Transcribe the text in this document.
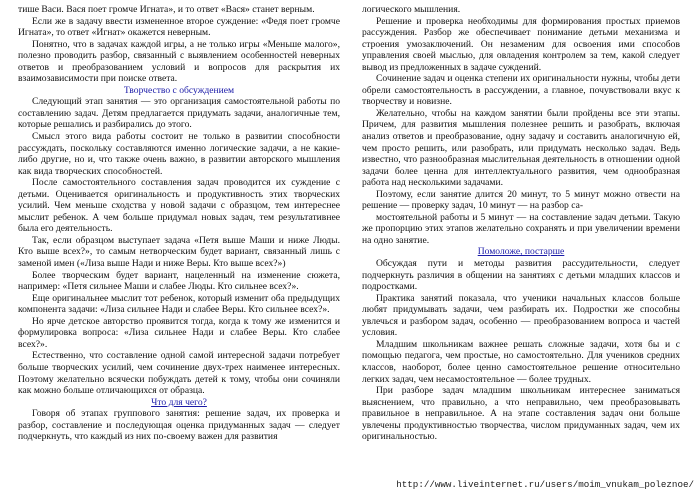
тише Васи. Вася поет громче Игната», и то ответ «Вася» станет верным.

Если же в задачу ввести измененное второе суждение: «Федя поет громче Игната», то ответ «Игнат» окажется неверным.

Понятно, что в задачах каждой игры, а не только игры «Меньше малого», полезно проводить разбор, связанный с выявлением особенностей неверных ответов и преобразованием условий и вопросов для раскрытия их взаимозависимости при поиске ответа.

Творчество с обсуждением

Следующий этап занятия — это организация самостоятельной работы по составлению задач. Детям предлагается придумать задачи, аналогичные тем, которые решались и разбирались до этого.

Смысл этого вида работы состоит не только в развитии способности рассуждать, поскольку составляются именно логические задачи, а не какие-либо другие, но и, что также очень важно, в развитии авторского мышления как вида творческих способностей.

После самостоятельного составления задач проводится их суждение с детьми. Оценивается оригинальность и продуктивность этих творческих усилий. Чем меньше сходства у новой задачи с образцом, тем интереснее мыслит ребенок. А чем больше придумал новых задач, тем результативнее была его деятельность.

Так, если образцом выступает задача «Петя выше Маши и ниже Люды. Кто выше всех?», то самым нетворческим будет вариант, связанный лишь с заменой имен («Лиза выше Нади и ниже Веры. Кто выше всех?»)

Более творческим будет вариант, нацеленный на изменение сюжета, например: «Петя сильнее Маши и слабее Люды. Кто сильнее всех?».

Еще оригинальнее мыслит тот ребенок, который изменит оба предыдущих компонента задачи: «Лиза сильнее Нади и слабее Веры. Кто сильнее всех?».

Но ярче детское авторство проявится тогда, когда к тому же изменится и формулировка вопроса: «Лиза сильнее Нади и слабее Веры. Кто слабее всех?».

Естественно, что составление одной самой интересной задачи потребует больше творческих усилий, чем сочинение двух-трех наименее интересных. Поэтому желательно всячески побуждать детей к тому, чтобы они сочиняли как можно больше отличающихся от образца.

Что для чего?

Говоря об этапах группового занятия: решение задач, их проверка и разбор, составление и последующая оценка придуманных задач — следует подчеркнуть, что каждый из них по-своему важен для развития

логического мышления.

Решение и проверка необходимы для формирования простых приемов рассуждения. Разбор же обеспечивает понимание детьми механизма и строения умозаключений. Он незаменим для освоения ими способов управления своей мыслью, для овладения контролем за тем, какой следует вывод из предложенных в задаче суждений.

Сочинение задач и оценка степени их оригинальности нужны, чтобы дети обрели самостоятельность в рассуждении, а главное, почувствовали вкус к творчеству и новизне.

Желательно, чтобы на каждом занятии были пройдены все эти этапы. Причем, для развития мышления полезнее решить и разобрать, включая анализ ответов и преобразование, одну задачу и составить аналогичную ей, чем просто решить, или разобрать, или придумать несколько задач. Ведь известно, что разнообразная мыслительная деятельность в отношении одной задачи более ценна для интеллектуального развития, чем однообразная работа над несколькими задачами.

Поэтому, если занятие длится 20 минут, то 5 минут можно отвести на решение — проверку задач, 10 минут — на разбор са-

мостоятельной работы и 5 минут — на составление задач детьми. Такую же пропорцию этих этапов желательно сохранять и при увеличении времени на одно занятие.

Помоложе, постарше

Обсуждая пути и методы развития рассудительности, следует подчеркнуть различия в общении на занятиях с детьми младших классов и подростками.

Практика занятий показала, что ученики начальных классов больше любят придумывать задачи, чем разбирать их. Подростки же способны увлечься и разбором задач, особенно — преобразованием вопроса и частей условия.

Младшим школьникам важнее решать сложные задачи, хотя бы и с помощью педагога, чем простые, но самостоятельно. Для учеников средних классов, наоборот, более ценно самостоятельное решение относительно легких задач, чем несамостоятельное — более трудных.

При разборе задач младшим школьникам интереснее заниматься выяснением, что правильно, а что неправильно, чем преобразовывать правильное в неправильное. А на этапе составления задач они больше увлечены продуктивностью творчества, числом придуманных задач, чем их оригинальностью.

http://www.liveinternet.ru/users/moim_vnukam_poleznoe/
